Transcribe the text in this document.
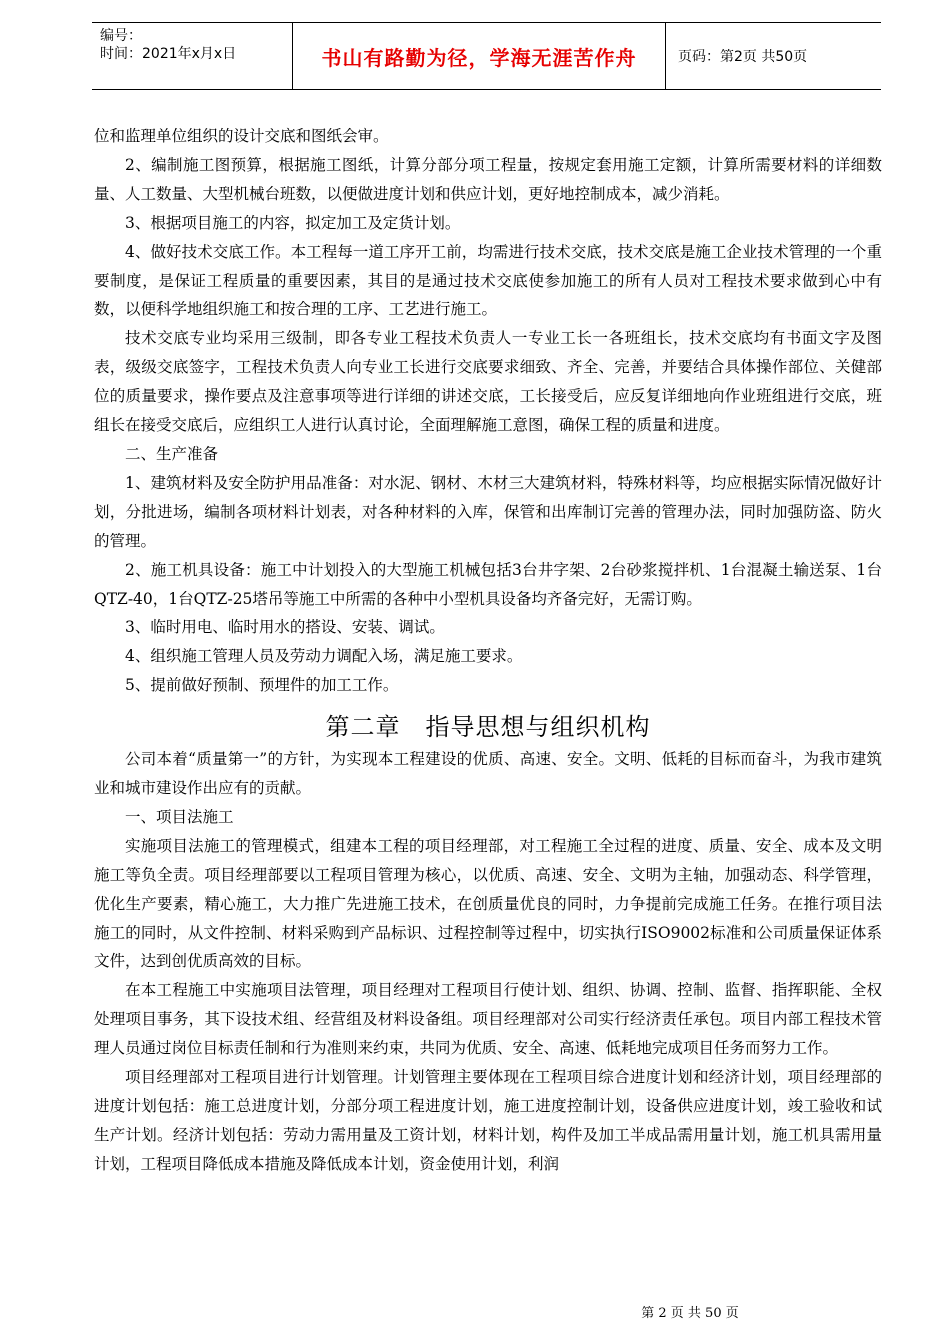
编号：
时间：2021年x月x日	书山有路勤为径，学海无涯苦作舟	页码：第2页 共50页

位和监理单位组织的设计交底和图纸会审。

2、编制施工图预算，根据施工图纸，计算分部分项工程量，按规定套用施工定额，计算所需要材料的详细数量、人工数量、大型机械台班数，以便做进度计划和供应计划，更好地控制成本，减少消耗。

3、根据项目施工的内容，拟定加工及定货计划。

4、做好技术交底工作。本工程每一道工序开工前，均需进行技术交底，技术交底是施工企业技术管理的一个重要制度，是保证工程质量的重要因素，其目的是通过技术交底使参加施工的所有人员对工程技术要求做到心中有数，以便科学地组织施工和按合理的工序、工艺进行施工。

技术交底专业均采用三级制，即各专业工程技术负责人一专业工长一各班组长，技术交底均有书面文字及图表，级级交底签字，工程技术负责人向专业工长进行交底要求细致、齐全、完善，并要结合具体操作部位、关健部位的质量要求，操作要点及注意事项等进行详细的讲述交底，工长接受后，应反复详细地向作业班组进行交底，班组长在接受交底后，应组织工人进行认真讨论，全面理解施工意图，确保工程的质量和进度。

二、生产准备

1、建筑材料及安全防护用品准备：对水泥、钢材、木材三大建筑材料，特殊材料等，均应根据实际情况做好计划，分批进场，编制各项材料计划表，对各种材料的入库，保管和出库制订完善的管理办法，同时加强防盗、防火的管理。

2、施工机具设备：施工中计划投入的大型施工机械包括3台井字架、2台砂浆搅拌机、1台混凝土输送泵、1台QTZ-40，1台QTZ-25塔吊等施工中所需的各种中小型机具设备均齐备完好，无需订购。

3、临时用电、临时用水的搭设、安装、调试。

4、组织施工管理人员及劳动力调配入场，满足施工要求。

5、提前做好预制、预埋件的加工工作。

第二章　指导思想与组织机构

公司本着“质量第一”的方针，为实现本工程建设的优质、高速、安全。文明、低耗的目标而奋斗，为我市建筑业和城市建设作出应有的贡献。

一、项目法施工

实施项目法施工的管理模式，组建本工程的项目经理部，对工程施工全过程的进度、质量、安全、成本及文明施工等负全责。项目经理部要以工程项目管理为核心，以优质、高速、安全、文明为主轴，加强动态、科学管理，优化生产要素，精心施工，大力推广先进施工技术，在创质量优良的同时，力争提前完成施工任务。在推行项目法施工的同时，从文件控制、材料采购到产品标识、过程控制等过程中，切实执行ISO9002标准和公司质量保证体系文件，达到创优质高效的目标。

在本工程施工中实施项目法管理，项目经理对工程项目行使计划、组织、协调、控制、监督、指挥职能、全权处理项目事务，其下设技术组、经营组及材料设备组。项目经理部对公司实行经济责任承包。项目内部工程技术管理人员通过岗位目标责任制和行为准则来约束，共同为优质、安全、高速、低耗地完成项目任务而努力工作。

项目经理部对工程项目进行计划管理。计划管理主要体现在工程项目综合进度计划和经济计划，项目经理部的进度计划包括：施工总进度计划，分部分项工程进度计划，施工进度控制计划，设备供应进度计划，竣工验收和试生产计划。经济计划包括：劳动力需用量及工资计划，材料计划，构件及加工半成品需用量计划，施工机具需用量计划，工程项目降低成本措施及降低成本计划，资金使用计划，利润

第 2 页 共 50 页
